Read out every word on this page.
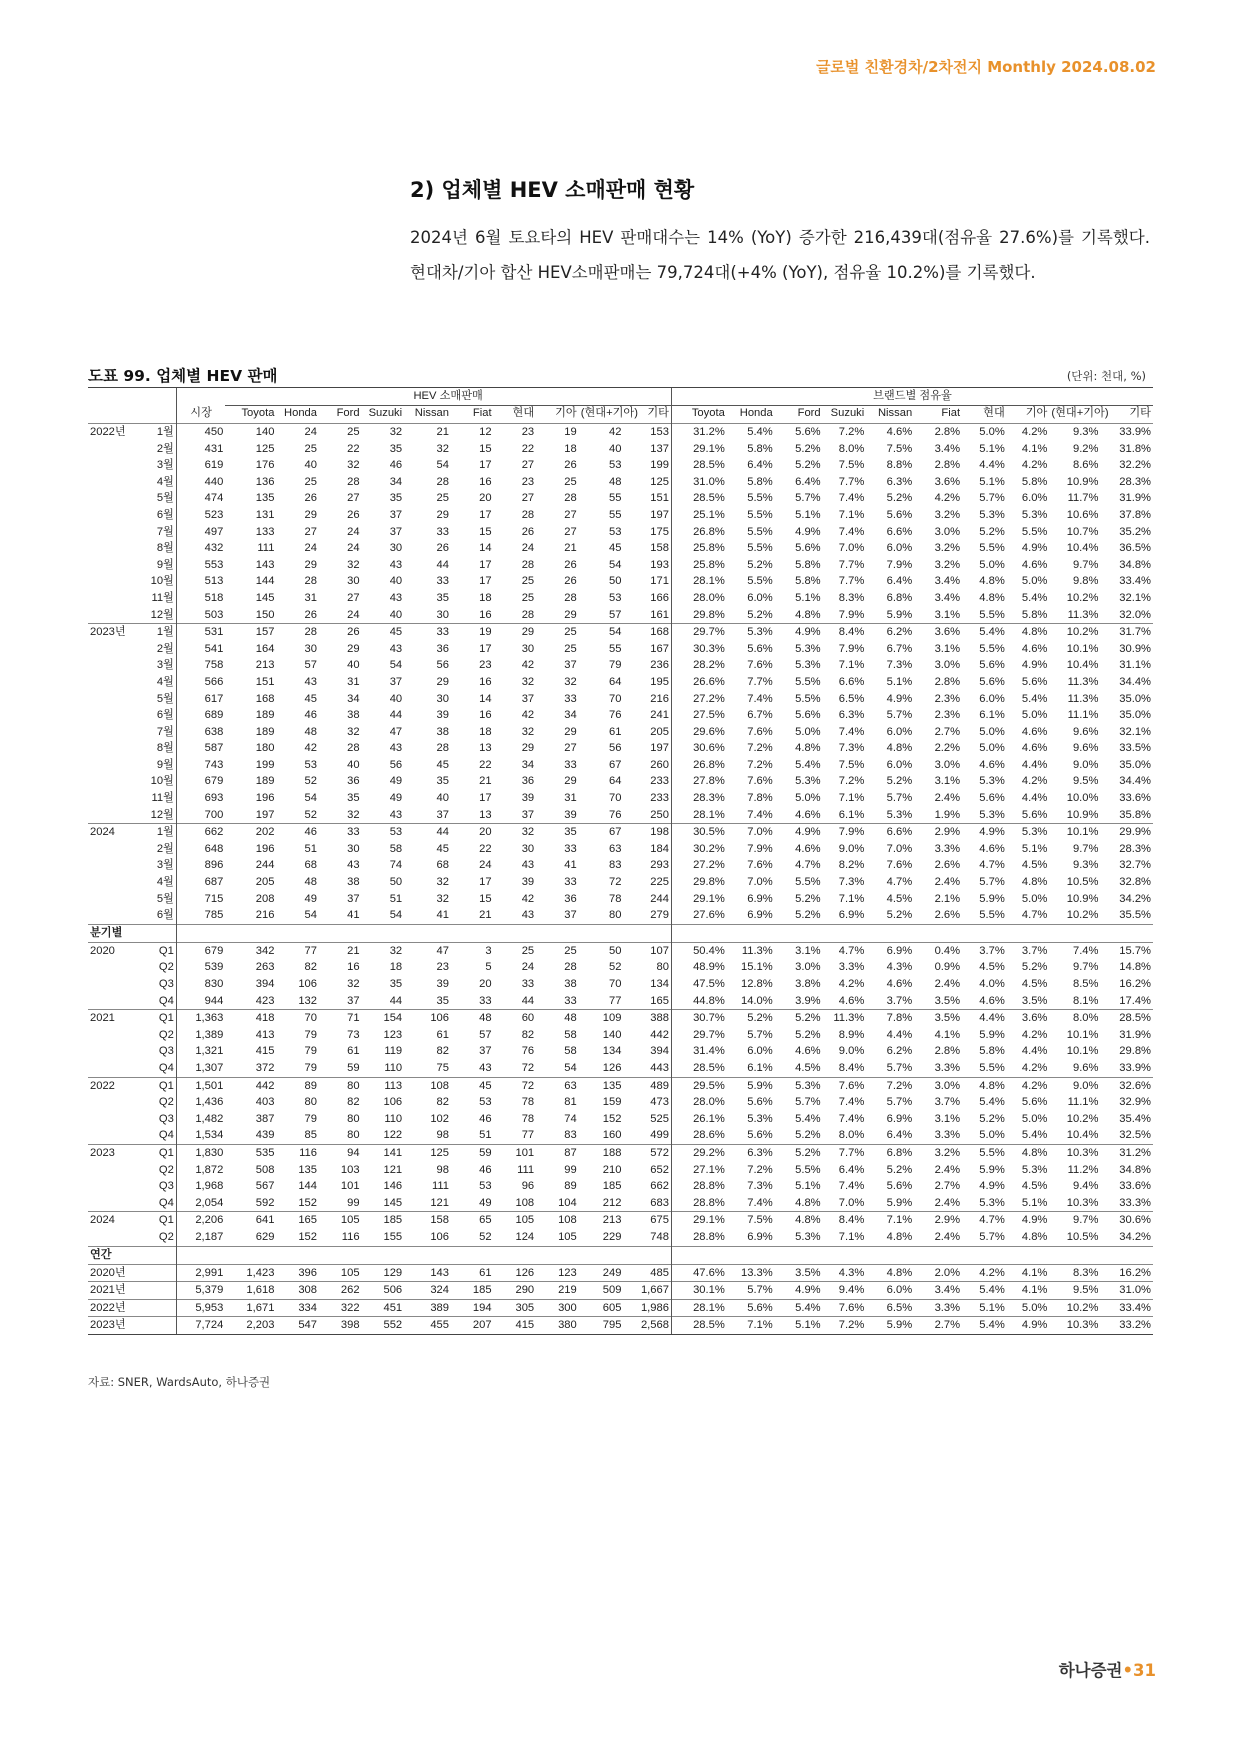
글로벌 친환경차/2차전지 Monthly 2024.08.02
2) 업체별 HEV 소매판매 현황
2024년 6월 토요타의 HEV 판매대수는 14% (YoY) 증가한 216,439대(점유율 27.6%)를 기록했다. 현대차/기아 합산 HEV소매판매는 79,724대(+4% (YoY), 점유율 10.2%)를 기록했다.
도표 99. 업체별 HEV 판매	(단위: 천대, %)
			HEV 소매판매										브랜드별 점유율									
		시장	Toyota	Honda	Ford	Suzuki	Nissan	Fiat	현대	기아	(현대+기아)	기타	Toyota	Honda	Ford	Suzuki	Nissan	Fiat	현대	기아	(현대+기아)	기타
2022년	1월	450	140	24	25	32	21	12	23	19	42	153	31.2%	5.4%	5.6%	7.2%	4.6%	2.8%	5.0%	4.2%	9.3%	33.9%
	2월	431	125	25	22	35	32	15	22	18	40	137	29.1%	5.8%	5.2%	8.0%	7.5%	3.4%	5.1%	4.1%	9.2%	31.8%
	3월	619	176	40	32	46	54	17	27	26	53	199	28.5%	6.4%	5.2%	7.5%	8.8%	2.8%	4.4%	4.2%	8.6%	32.2%
	4월	440	136	25	28	34	28	16	23	25	48	125	31.0%	5.8%	6.4%	7.7%	6.3%	3.6%	5.1%	5.8%	10.9%	28.3%
	5월	474	135	26	27	35	25	20	27	28	55	151	28.5%	5.5%	5.7%	7.4%	5.2%	4.2%	5.7%	6.0%	11.7%	31.9%
	6월	523	131	29	26	37	29	17	28	27	55	197	25.1%	5.5%	5.1%	7.1%	5.6%	3.2%	5.3%	5.3%	10.6%	37.8%
	7월	497	133	27	24	37	33	15	26	27	53	175	26.8%	5.5%	4.9%	7.4%	6.6%	3.0%	5.2%	5.5%	10.7%	35.2%
	8월	432	111	24	24	30	26	14	24	21	45	158	25.8%	5.5%	5.6%	7.0%	6.0%	3.2%	5.5%	4.9%	10.4%	36.5%
	9월	553	143	29	32	43	44	17	28	26	54	193	25.8%	5.2%	5.8%	7.7%	7.9%	3.2%	5.0%	4.6%	9.7%	34.8%
	10월	513	144	28	30	40	33	17	25	26	50	171	28.1%	5.5%	5.8%	7.7%	6.4%	3.4%	4.8%	5.0%	9.8%	33.4%
	11월	518	145	31	27	43	35	18	25	28	53	166	28.0%	6.0%	5.1%	8.3%	6.8%	3.4%	4.8%	5.4%	10.2%	32.1%
	12월	503	150	26	24	40	30	16	28	29	57	161	29.8%	5.2%	4.8%	7.9%	5.9%	3.1%	5.5%	5.8%	11.3%	32.0%
2023년	1월	531	157	28	26	45	33	19	29	25	54	168	29.7%	5.3%	4.9%	8.4%	6.2%	3.6%	5.4%	4.8%	10.2%	31.7%
	2월	541	164	30	29	43	36	17	30	25	55	167	30.3%	5.6%	5.3%	7.9%	6.7%	3.1%	5.5%	4.6%	10.1%	30.9%
	3월	758	213	57	40	54	56	23	42	37	79	236	28.2%	7.6%	5.3%	7.1%	7.3%	3.0%	5.6%	4.9%	10.4%	31.1%
	4월	566	151	43	31	37	29	16	32	32	64	195	26.6%	7.7%	5.5%	6.6%	5.1%	2.8%	5.6%	5.6%	11.3%	34.4%
	5월	617	168	45	34	40	30	14	37	33	70	216	27.2%	7.4%	5.5%	6.5%	4.9%	2.3%	6.0%	5.4%	11.3%	35.0%
	6월	689	189	46	38	44	39	16	42	34	76	241	27.5%	6.7%	5.6%	6.3%	5.7%	2.3%	6.1%	5.0%	11.1%	35.0%
	7월	638	189	48	32	47	38	18	32	29	61	205	29.6%	7.6%	5.0%	7.4%	6.0%	2.7%	5.0%	4.6%	9.6%	32.1%
	8월	587	180	42	28	43	28	13	29	27	56	197	30.6%	7.2%	4.8%	7.3%	4.8%	2.2%	5.0%	4.6%	9.6%	33.5%
	9월	743	199	53	40	56	45	22	34	33	67	260	26.8%	7.2%	5.4%	7.5%	6.0%	3.0%	4.6%	4.4%	9.0%	35.0%
	10월	679	189	52	36	49	35	21	36	29	64	233	27.8%	7.6%	5.3%	7.2%	5.2%	3.1%	5.3%	4.2%	9.5%	34.4%
	11월	693	196	54	35	49	40	17	39	31	70	233	28.3%	7.8%	5.0%	7.1%	5.7%	2.4%	5.6%	4.4%	10.0%	33.6%
	12월	700	197	52	32	43	37	13	37	39	76	250	28.1%	7.4%	4.6%	6.1%	5.3%	1.9%	5.3%	5.6%	10.9%	35.8%
2024	1월	662	202	46	33	53	44	20	32	35	67	198	30.5%	7.0%	4.9%	7.9%	6.6%	2.9%	4.9%	5.3%	10.1%	29.9%
	2월	648	196	51	30	58	45	22	30	33	63	184	30.2%	7.9%	4.6%	9.0%	7.0%	3.3%	4.6%	5.1%	9.7%	28.3%
	3월	896	244	68	43	74	68	24	43	41	83	293	27.2%	7.6%	4.7%	8.2%	7.6%	2.6%	4.7%	4.5%	9.3%	32.7%
	4월	687	205	48	38	50	32	17	39	33	72	225	29.8%	7.0%	5.5%	7.3%	4.7%	2.4%	5.7%	4.8%	10.5%	32.8%
	5월	715	208	49	37	51	32	15	42	36	78	244	29.1%	6.9%	5.2%	7.1%	4.5%	2.1%	5.9%	5.0%	10.9%	34.2%
	6월	785	216	54	41	54	41	21	43	37	80	279	27.6%	6.9%	5.2%	6.9%	5.2%	2.6%	5.5%	4.7%	10.2%	35.5%
분기별																						
2020	Q1	679	342	77	21	32	47	3	25	25	50	107	50.4%	11.3%	3.1%	4.7%	6.9%	0.4%	3.7%	3.7%	7.4%	15.7%
	Q2	539	263	82	16	18	23	5	24	28	52	80	48.9%	15.1%	3.0%	3.3%	4.3%	0.9%	4.5%	5.2%	9.7%	14.8%
	Q3	830	394	106	32	35	39	20	33	38	70	134	47.5%	12.8%	3.8%	4.2%	4.6%	2.4%	4.0%	4.5%	8.5%	16.2%
	Q4	944	423	132	37	44	35	33	44	33	77	165	44.8%	14.0%	3.9%	4.6%	3.7%	3.5%	4.6%	3.5%	8.1%	17.4%
2021	Q1	1,363	418	70	71	154	106	48	60	48	109	388	30.7%	5.2%	5.2%	11.3%	7.8%	3.5%	4.4%	3.6%	8.0%	28.5%
	Q2	1,389	413	79	73	123	61	57	82	58	140	442	29.7%	5.7%	5.2%	8.9%	4.4%	4.1%	5.9%	4.2%	10.1%	31.9%
	Q3	1,321	415	79	61	119	82	37	76	58	134	394	31.4%	6.0%	4.6%	9.0%	6.2%	2.8%	5.8%	4.4%	10.1%	29.8%
	Q4	1,307	372	79	59	110	75	43	72	54	126	443	28.5%	6.1%	4.5%	8.4%	5.7%	3.3%	5.5%	4.2%	9.6%	33.9%
2022	Q1	1,501	442	89	80	113	108	45	72	63	135	489	29.5%	5.9%	5.3%	7.6%	7.2%	3.0%	4.8%	4.2%	9.0%	32.6%
	Q2	1,436	403	80	82	106	82	53	78	81	159	473	28.0%	5.6%	5.7%	7.4%	5.7%	3.7%	5.4%	5.6%	11.1%	32.9%
	Q3	1,482	387	79	80	110	102	46	78	74	152	525	26.1%	5.3%	5.4%	7.4%	6.9%	3.1%	5.2%	5.0%	10.2%	35.4%
	Q4	1,534	439	85	80	122	98	51	77	83	160	499	28.6%	5.6%	5.2%	8.0%	6.4%	3.3%	5.0%	5.4%	10.4%	32.5%
2023	Q1	1,830	535	116	94	141	125	59	101	87	188	572	29.2%	6.3%	5.2%	7.7%	6.8%	3.2%	5.5%	4.8%	10.3%	31.2%
	Q2	1,872	508	135	103	121	98	46	111	99	210	652	27.1%	7.2%	5.5%	6.4%	5.2%	2.4%	5.9%	5.3%	11.2%	34.8%
	Q3	1,968	567	144	101	146	111	53	96	89	185	662	28.8%	7.3%	5.1%	7.4%	5.6%	2.7%	4.9%	4.5%	9.4%	33.6%
	Q4	2,054	592	152	99	145	121	49	108	104	212	683	28.8%	7.4%	4.8%	7.0%	5.9%	2.4%	5.3%	5.1%	10.3%	33.3%
2024	Q1	2,206	641	165	105	185	158	65	105	108	213	675	29.1%	7.5%	4.8%	8.4%	7.1%	2.9%	4.7%	4.9%	9.7%	30.6%
	Q2	2,187	629	152	116	155	106	52	124	105	229	748	28.8%	6.9%	5.3%	7.1%	4.8%	2.4%	5.7%	4.8%	10.5%	34.2%
연간																						
2020년		2,991	1,423	396	105	129	143	61	126	123	249	485	47.6%	13.3%	3.5%	4.3%	4.8%	2.0%	4.2%	4.1%	8.3%	16.2%
2021년		5,379	1,618	308	262	506	324	185	290	219	509	1,667	30.1%	5.7%	4.9%	9.4%	6.0%	3.4%	5.4%	4.1%	9.5%	31.0%
2022년		5,953	1,671	334	322	451	389	194	305	300	605	1,986	28.1%	5.6%	5.4%	7.6%	6.5%	3.3%	5.1%	5.0%	10.2%	33.4%
2023년		7,724	2,203	547	398	552	455	207	415	380	795	2,568	28.5%	7.1%	5.1%	7.2%	5.9%	2.7%	5.4%	4.9%	10.3%	33.2%
자료: SNER, WardsAuto, 하나증권
하나증권•31
